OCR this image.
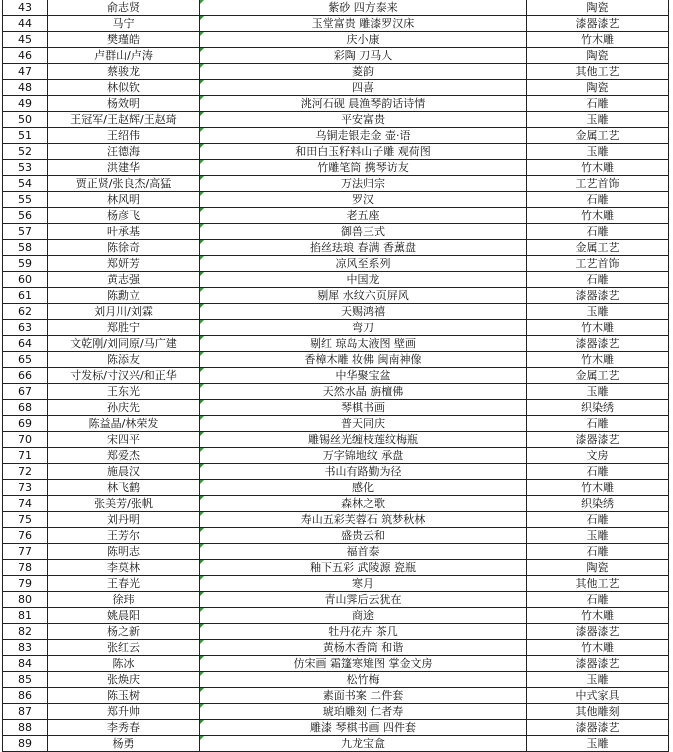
43	俞志贤	紫砂 四方泰来	陶瓷
44	马宁	玉堂富贵 雕漆罗汉床	漆器漆艺
45	樊瑾皓	庆小康	竹木雕
46	卢群山/卢涛	彩陶 刀马人	陶瓷
47	蔡骏龙	菱韵	其他工艺
48	林似钦	四喜	陶瓷
49	杨效明	洮河石砚 晨渔琴韵话诗情	石雕
50	王冠军/王赵辉/王赵琦	平安富贵	玉雕
51	王绍伟	乌铜走银走金 壶·语	金属工艺
52	汪德海	和田白玉籽料山子雕 观荷图	玉雕
53	洪建华	竹雕笔筒 携琴访友	竹木雕
54	贾正贤/张良杰/高猛	万法归宗	工艺首饰
55	林风明	罗汉	石雕
56	杨彦飞	老五座	竹木雕
57	叶承基	御兽三式	石雕
58	陈徐奇	掐丝珐琅 春满 香薰盘	金属工艺
59	郑妍芳	凉风至系列	工艺首饰
60	黄志强	中国龙	石雕
61	陈勳立	剔犀 水纹六页屏风	漆器漆艺
62	刘月川/刘霖	天赐鸿禧	玉雕
63	郑胜宁	弯刀	竹木雕
64	文乾刚/刘同原/马广建	剔红 琼岛太液图 壁画	漆器漆艺
65	陈添友	香樟木雕 妆佛 闽南神像	竹木雕
66	寸发标/寸汉兴/和正华	中华聚宝盆	金属工艺
67	王东光	天然水晶 旃檀佛	玉雕
68	孙庆先	琴棋书画	织染绣
69	陈益晶/林荣发	普天同庆	石雕
70	宋四平	雕锡丝光缠枝莲纹梅瓶	漆器漆艺
71	郑爱杰	万字锦地纹 承盘	文房
72	施晨汉	书山有路勤为径	石雕
73	林飞鹤	感化	竹木雕
74	张美芳/张帆	森林之歌	织染绣
75	刘丹明	寿山五彩芙蓉石 筑梦秋林	石雕
76	王芳尔	盛贵云和	玉雕
77	陈明志	福首泰	石雕
78	李莫林	釉下五彩 武陵源 瓷瓶	陶瓷
79	王春光	寒月	其他工艺
80	徐玮	青山霁后云犹在	石雕
81	姚晨阳	商途	竹木雕
82	杨之新	牡丹花卉 茶几	漆器漆艺
83	张红云	黄杨木香筒 和谐	竹木雕
84	陈冰	仿宋画 霜篷寒雉图 掌金文房	漆器漆艺
85	张焕庆	松竹梅	玉雕
86	陈玉树	素面书案 二件套	中式家具
87	郑升帅	琥珀雕刻 仁者寿	其他雕刻
88	李秀春	雕漆 琴棋书画 四件套	漆器漆艺
89	杨勇	九龙宝盒	玉雕
